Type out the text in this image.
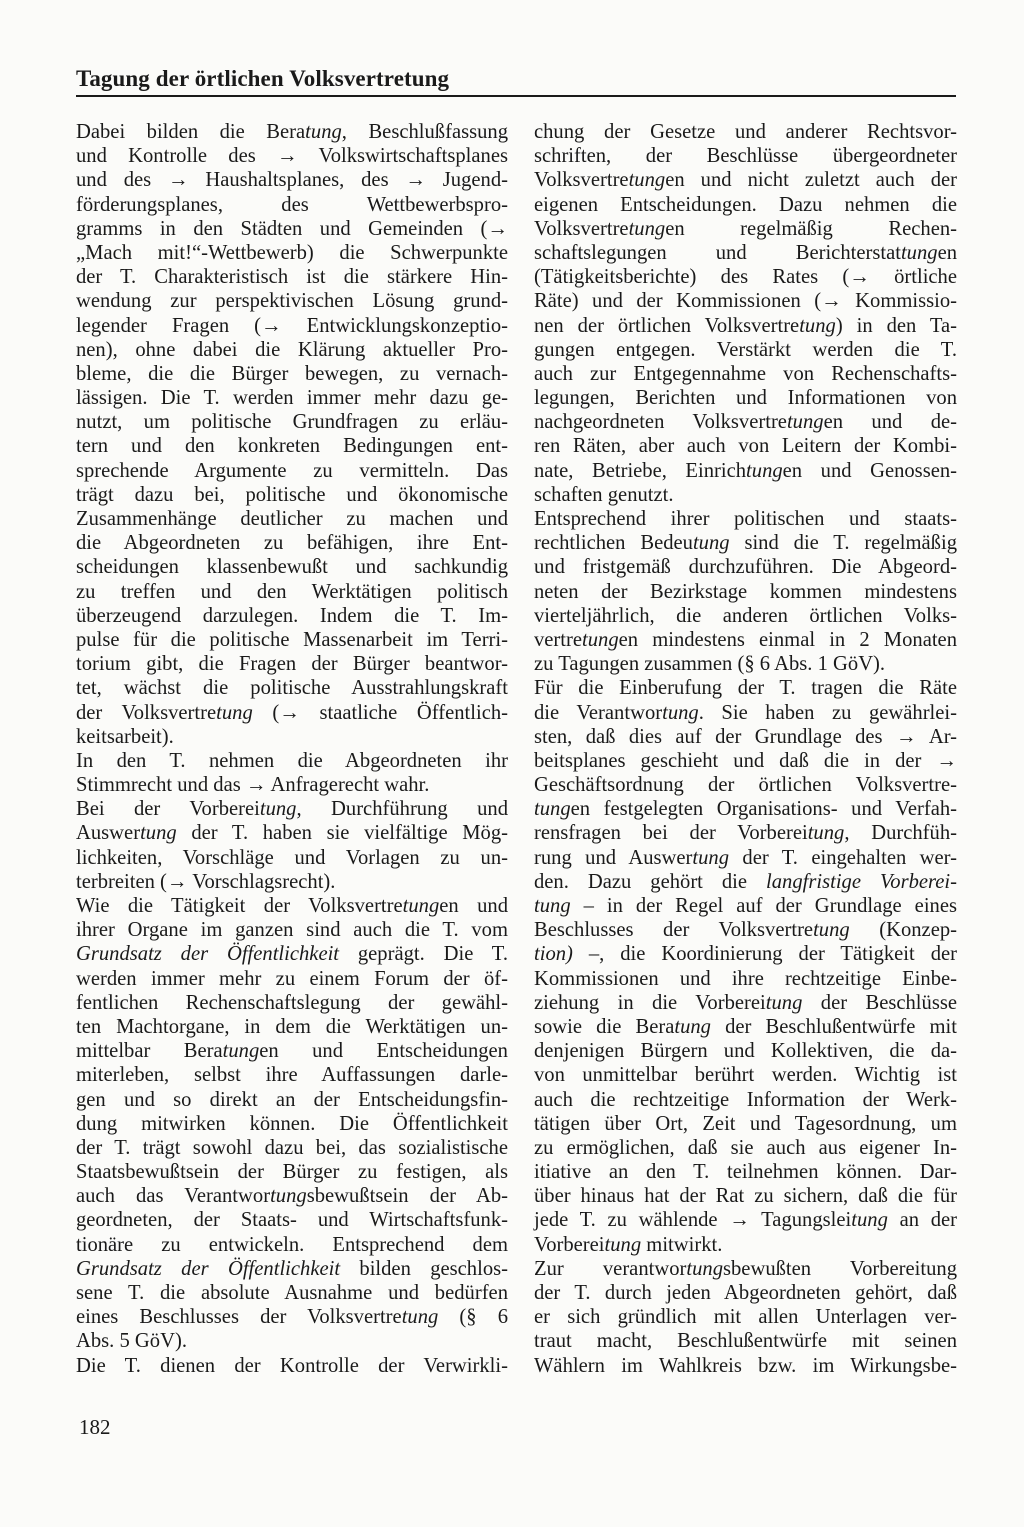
Tagung der örtlichen Volksvertretung
Dabei bilden die Beratung, Beschlußfassung
und Kontrolle des → Volkswirtschaftsplanes
und des → Haushaltsplanes, des → Jugend-
förderungsplanes, des Wettbewerbspro-
gramms in den Städten und Gemeinden (→
„Mach mit!“-Wettbewerb) die Schwerpunkte
der T. Charakteristisch ist die stärkere Hin-
wendung zur perspektivischen Lösung grund-
legender Fragen (→ Entwicklungskonzeptio-
nen), ohne dabei die Klärung aktueller Pro-
bleme, die die Bürger bewegen, zu vernach-
lässigen. Die T. werden immer mehr dazu ge-
nutzt, um politische Grundfragen zu erläu-
tern und den konkreten Bedingungen ent-
sprechende Argumente zu vermitteln. Das
trägt dazu bei, politische und ökonomische
Zusammenhänge deutlicher zu machen und
die Abgeordneten zu befähigen, ihre Ent-
scheidungen klassenbewußt und sachkundig
zu treffen und den Werktätigen politisch
überzeugend darzulegen. Indem die T. Im-
pulse für die politische Massenarbeit im Terri-
torium gibt, die Fragen der Bürger beantwor-
tet, wächst die politische Ausstrahlungskraft
der Volksvertretung (→ staatliche Öffentlich-
keitsarbeit).
In den T. nehmen die Abgeordneten ihr
Stimmrecht und das → Anfragerecht wahr.
Bei der Vorbereitung, Durchführung und
Auswertung der T. haben sie vielfältige Mög-
lichkeiten, Vorschläge und Vorlagen zu un-
terbreiten (→ Vorschlagsrecht).
Wie die Tätigkeit der Volksvertretungen und
ihrer Organe im ganzen sind auch die T. vom
Grundsatz der Öffentlichkeit geprägt. Die T.
werden immer mehr zu einem Forum der öf-
fentlichen Rechenschaftslegung der gewähl-
ten Machtorgane, in dem die Werktätigen un-
mittelbar Beratungen und Entscheidungen
miterleben, selbst ihre Auffassungen darle-
gen und so direkt an der Entscheidungsfin-
dung mitwirken können. Die Öffentlichkeit
der T. trägt sowohl dazu bei, das sozialistische
Staatsbewußtsein der Bürger zu festigen, als
auch das Verantwortungsbewußtsein der Ab-
geordneten, der Staats- und Wirtschaftsfunk-
tionäre zu entwickeln. Entsprechend dem
Grundsatz der Öffentlichkeit bilden geschlos-
sene T. die absolute Ausnahme und bedürfen
eines Beschlusses der Volksvertretung (§ 6
Abs. 5 GöV).
Die T. dienen der Kontrolle der Verwirkli-
chung der Gesetze und anderer Rechtsvor-
schriften, der Beschlüsse übergeordneter
Volksvertretungen und nicht zuletzt auch der
eigenen Entscheidungen. Dazu nehmen die
Volksvertretungen regelmäßig Rechen-
schaftslegungen und Berichterstattungen
(Tätigkeitsberichte) des Rates (→ örtliche
Räte) und der Kommissionen (→ Kommissio-
nen der örtlichen Volksvertretung) in den Ta-
gungen entgegen. Verstärkt werden die T.
auch zur Entgegennahme von Rechenschafts-
legungen, Berichten und Informationen von
nachgeordneten Volksvertretungen und de-
ren Räten, aber auch von Leitern der Kombi-
nate, Betriebe, Einrichtungen und Genossen-
schaften genutzt.
Entsprechend ihrer politischen und staats-
rechtlichen Bedeutung sind die T. regelmäßig
und fristgemäß durchzuführen. Die Abgeord-
neten der Bezirkstage kommen mindestens
vierteljährlich, die anderen örtlichen Volks-
vertretungen mindestens einmal in 2 Monaten
zu Tagungen zusammen (§ 6 Abs. 1 GöV).
Für die Einberufung der T. tragen die Räte
die Verantwortung. Sie haben zu gewährlei-
sten, daß dies auf der Grundlage des → Ar-
beitsplanes geschieht und daß die in der →
Geschäftsordnung der örtlichen Volksvertre-
tungen festgelegten Organisations- und Verfah-
rensfragen bei der Vorbereitung, Durchfüh-
rung und Auswertung der T. eingehalten wer-
den. Dazu gehört die langfristige Vorberei-
tung – in der Regel auf der Grundlage eines
Beschlusses der Volksvertretung (Konzep-
tion) –, die Koordinierung der Tätigkeit der
Kommissionen und ihre rechtzeitige Einbe-
ziehung in die Vorbereitung der Beschlüsse
sowie die Beratung der Beschlußentwürfe mit
denjenigen Bürgern und Kollektiven, die da-
von unmittelbar berührt werden. Wichtig ist
auch die rechtzeitige Information der Werk-
tätigen über Ort, Zeit und Tagesordnung, um
zu ermöglichen, daß sie auch aus eigener In-
itiative an den T. teilnehmen können. Dar-
über hinaus hat der Rat zu sichern, daß die für
jede T. zu wählende → Tagungsleitung an der
Vorbereitung mitwirkt.
Zur verantwortungsbewußten Vorbereitung
der T. durch jeden Abgeordneten gehört, daß
er sich gründlich mit allen Unterlagen ver-
traut macht, Beschlußentwürfe mit seinen
Wählern im Wahlkreis bzw. im Wirkungsbe-
182
